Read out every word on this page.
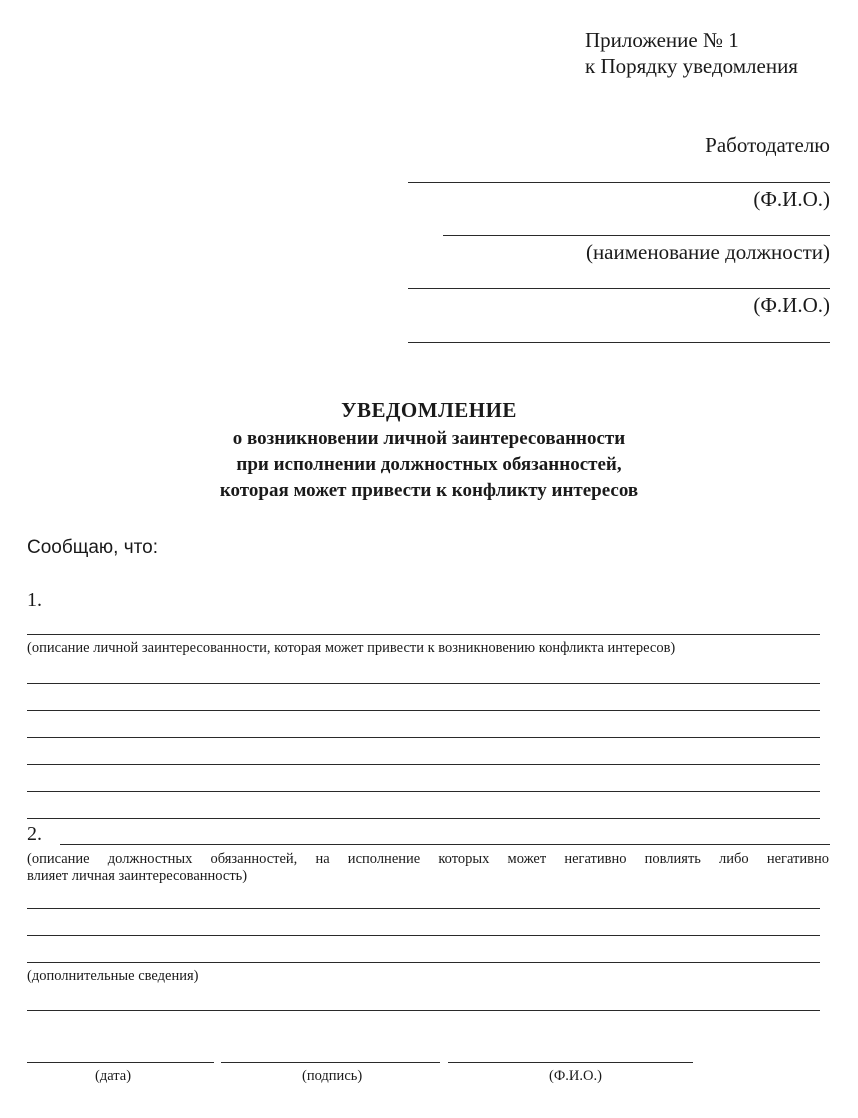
Приложение № 1
к Порядку уведомления
Работодателю
(Ф.И.О.)
(наименование должности)
(Ф.И.О.)
УВЕДОМЛЕНИЕ
о возникновении личной заинтересованности
при исполнении должностных обязанностей,
которая может привести к конфликту интересов
Сообщаю, что:
1.
(описание личной заинтересованности, которая может привести к возникновению конфликта интересов)
2.
(описание должностных обязанностей, на исполнение которых может негативно повлиять либо негативно
влияет личная заинтересованность)
(дополнительные сведения)
(дата)	(подпись)	(Ф.И.О.)
